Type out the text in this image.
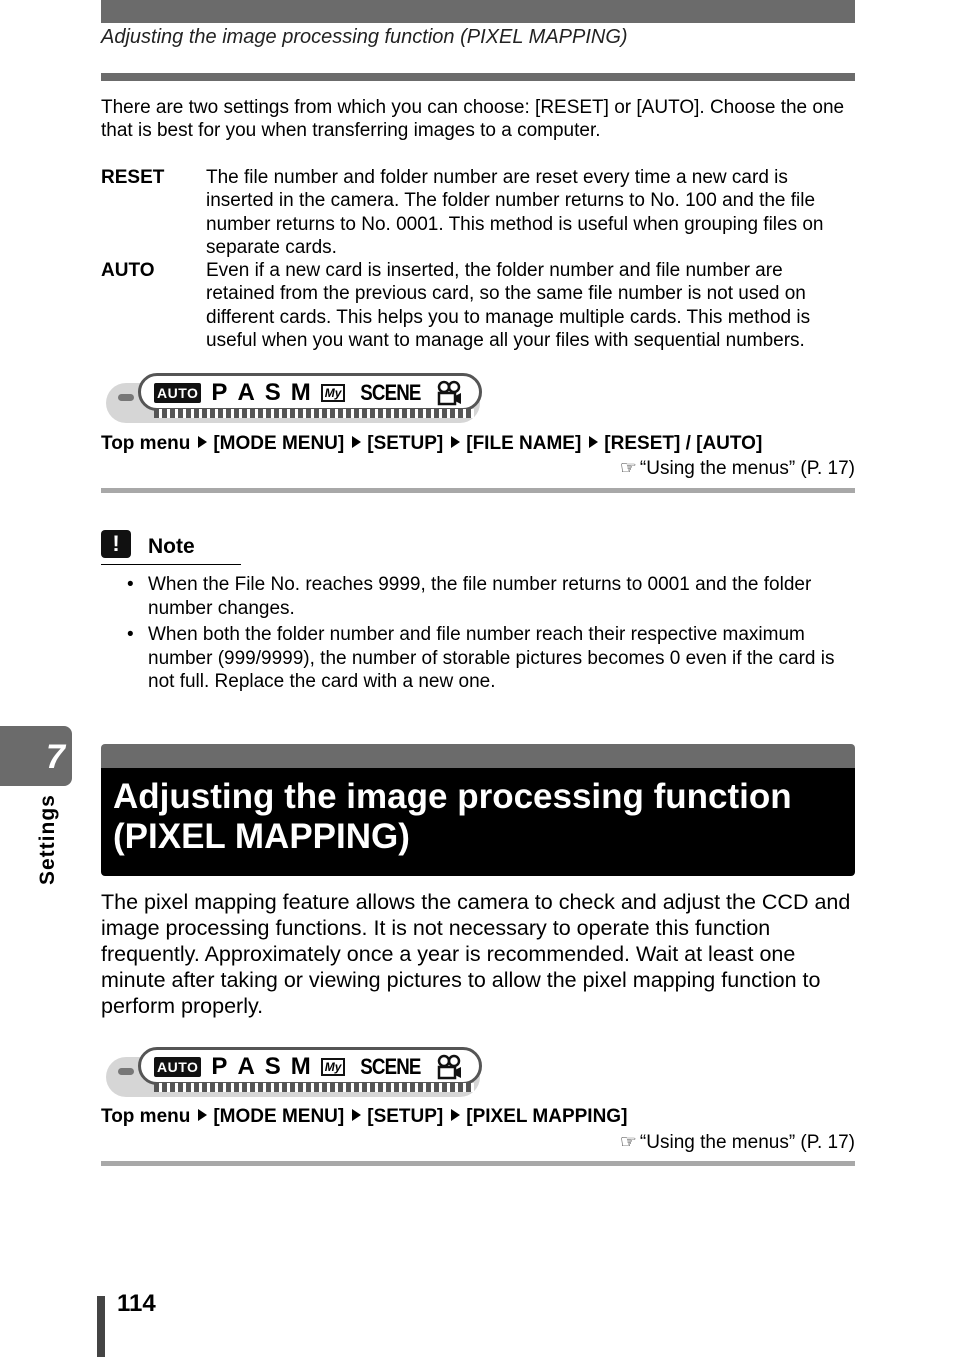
Adjusting the image processing function (PIXEL MAPPING)
There are two settings from which you can choose: [RESET] or [AUTO]. Choose the one that is best for you when transferring images to a computer.
RESET	The file number and folder number are reset every time a new card is inserted in the camera. The folder number returns to No. 100 and the file number returns to No. 0001. This method is useful when grouping files on separate cards.
AUTO	Even if a new card is inserted, the folder number and file number are retained from the previous card, so the same file number is not used on different cards. This helps you to manage multiple cards. This method is useful when you want to manage all your files with sequential numbers.
AUTO P A S M	My SCENE
Top menu [MODE MENU] [SETUP] [FILE NAME] [RESET] / [AUTO]
☞ “Using the menus” (P. 17)
!	Note
• When the File No. reaches 9999, the file number returns to 0001 and the folder number changes.
• When both the folder number and file number reach their respective maximum number (999/9999), the number of storable pictures becomes 0 even if the card is not full. Replace the card with a new one.
7
Settings Adjusting the image processing function (PIXEL MAPPING)
The pixel mapping feature allows the camera to check and adjust the CCD and image processing functions. It is not necessary to operate this function frequently. Approximately once a year is recommended. Wait at least one minute after taking or viewing pictures to allow the pixel mapping function to perform properly.
AUTO P A S M	My SCENE
Top menu [MODE MENU] [SETUP] [PIXEL MAPPING]
☞ “Using the menus” (P. 17)
114
